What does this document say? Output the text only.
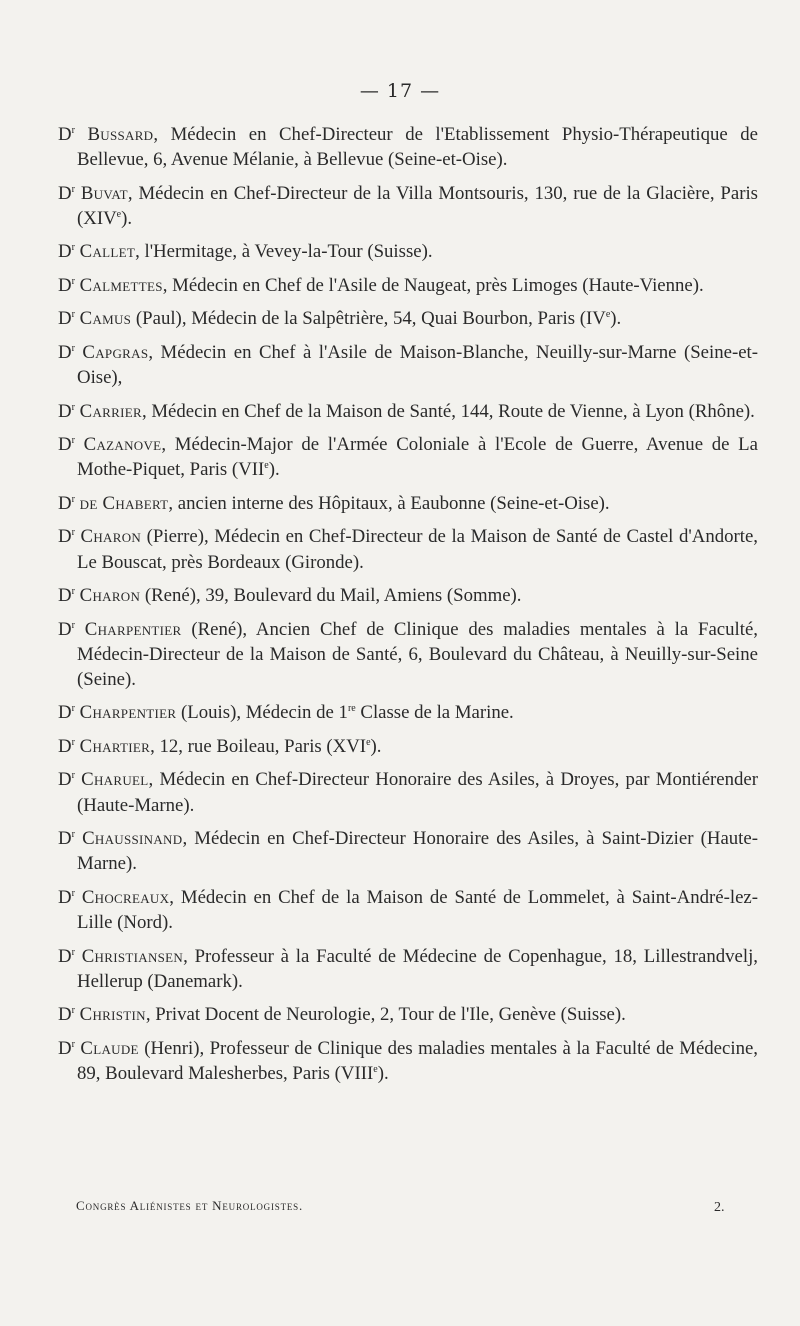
— 17 —

$D^r$ Bussard, Médecin en Chef-Directeur de l'Etablissement Physio-Thérapeutique de Bellevue, 6, Avenue Mélanie, à Bellevue (Seine-et-Oise).

$D^r$ Buvat, Médecin en Chef-Directeur de la Villa Montsouris, 130, rue de la Glacière, Paris (XIVe).

$D^r$ Callet, l'Hermitage, à Vevey-la-Tour (Suisse).

$D^r$ Calmettes, Médecin en Chef de l'Asile de Naugeat, près Limoges (Haute-Vienne).

$D^r$ Camus (Paul), Médecin de la Salpêtrière, 54, Quai Bourbon, Paris (IVe).

$D^r$ Capgras, Médecin en Chef à l'Asile de Maison-Blanche, Neuilly-sur-Marne (Seine-et-Oise),

$D^r$ Carrier, Médecin en Chef de la Maison de Santé, 144, Route de Vienne, à Lyon (Rhône).

$D^r$ Cazanove, Médecin-Major de l'Armée Coloniale à l'Ecole de Guerre, Avenue de La Mothe-Piquet, Paris (VIIe).

$D^r$ de Chabert, ancien interne des Hôpitaux, à Eaubonne (Seine-et-Oise).

$D^r$ Charon (Pierre), Médecin en Chef-Directeur de la Maison de Santé de Castel d'Andorte, Le Bouscat, près Bordeaux (Gironde).

$D^r$ Charon (René), 39, Boulevard du Mail, Amiens (Somme).

$D^r$ Charpentier (René), Ancien Chef de Clinique des maladies mentales à la Faculté, Médecin-Directeur de la Maison de Santé, 6, Boulevard du Château, à Neuilly-sur-Seine (Seine).

$D^r$ Charpentier (Louis), Médecin de 1re Classe de la Marine.

$D^r$ Chartier, 12, rue Boileau, Paris (XVIe).

$D^r$ Charuel, Médecin en Chef-Directeur Honoraire des Asiles, à Droyes, par Montiérender (Haute-Marne).

$D^r$ Chaussinand, Médecin en Chef-Directeur Honoraire des Asiles, à Saint-Dizier (Haute-Marne).

$D^r$ Chocreaux, Médecin en Chef de la Maison de Santé de Lommelet, à Saint-André-lez-Lille (Nord).

$D^r$ Christiansen, Professeur à la Faculté de Médecine de Copenhague, 18, Lillestrandvelj, Hellerup (Danemark).

$D^r$ Christin, Privat Docent de Neurologie, 2, Tour de l'Ile, Genève (Suisse).

$D^r$ Claude (Henri), Professeur de Clinique des maladies mentales à la Faculté de Médecine, 89, Boulevard Malesherbes, Paris (VIIIe).

Congrès Aliénistes et Neurologistes.	2.
